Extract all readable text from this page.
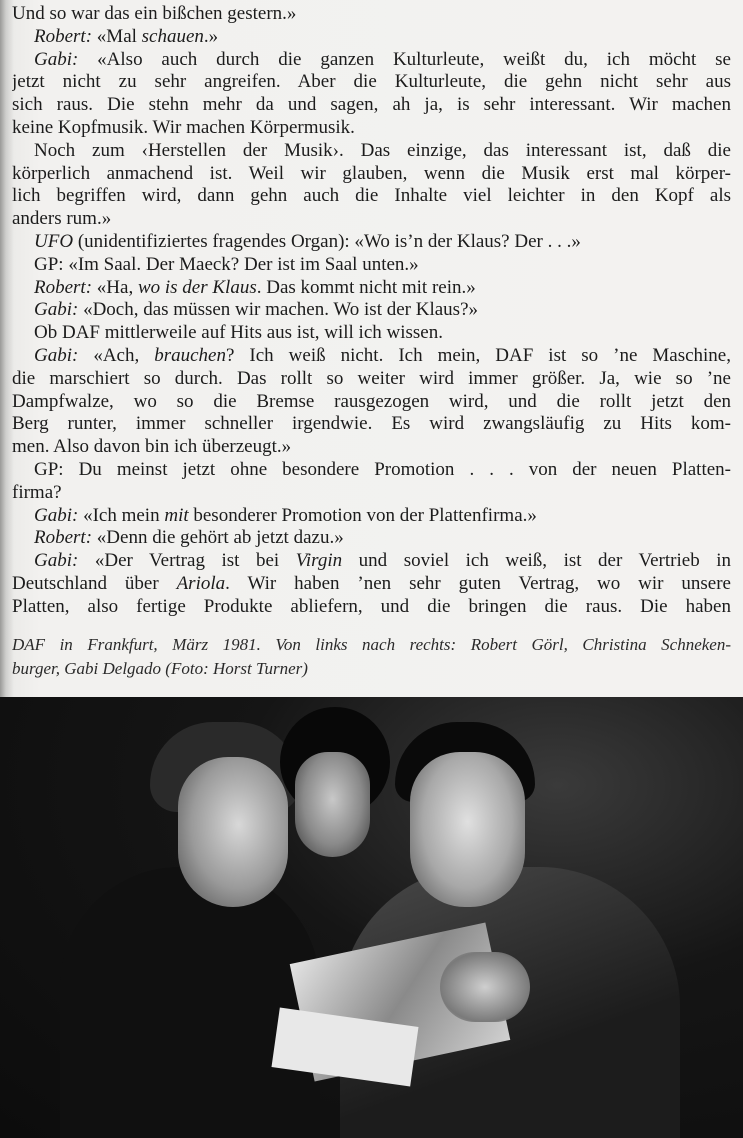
Und so war das ein bißchen gestern.»
Robert: «Mal schauen.»
Gabi: «Also auch durch die ganzen Kulturleute, weißt du, ich möcht se
jetzt nicht zu sehr angreifen. Aber die Kulturleute, die gehn nicht sehr aus
sich raus. Die stehn mehr da und sagen, ah ja, is sehr interessant. Wir machen
keine Kopfmusik. Wir machen Körpermusik.
Noch zum ‹Herstellen der Musik›. Das einzige, das interessant ist, daß die
körperlich anmachend ist. Weil wir glauben, wenn die Musik erst mal körper-
lich begriffen wird, dann gehn auch die Inhalte viel leichter in den Kopf als
anders rum.»
UFO (unidentifiziertes fragendes Organ): «Wo is’n der Klaus? Der . . .»
GP: «Im Saal. Der Maeck? Der ist im Saal unten.»
Robert: «Ha, wo is der Klaus. Das kommt nicht mit rein.»
Gabi: «Doch, das müssen wir machen. Wo ist der Klaus?»
Ob DAF mittlerweile auf Hits aus ist, will ich wissen.
Gabi: «Ach, brauchen? Ich weiß nicht. Ich mein, DAF ist so ’ne Maschine,
die marschiert so durch. Das rollt so weiter wird immer größer. Ja, wie so ’ne
Dampfwalze, wo so die Bremse rausgezogen wird, und die rollt jetzt den
Berg runter, immer schneller irgendwie. Es wird zwangsläufig zu Hits kom-
men. Also davon bin ich überzeugt.»
GP: Du meinst jetzt ohne besondere Promotion . . . von der neuen Platten-
firma?
Gabi: «Ich mein mit besonderer Promotion von der Plattenfirma.»
Robert: «Denn die gehört ab jetzt dazu.»
Gabi: «Der Vertrag ist bei Virgin und soviel ich weiß, ist der Vertrieb in
Deutschland über Ariola. Wir haben ’nen sehr guten Vertrag, wo wir unsere
Platten, also fertige Produkte abliefern, und die bringen die raus. Die haben
DAF in Frankfurt, März 1981. Von links nach rechts: Robert Görl, Christina Schneken-
burger, Gabi Delgado (Foto: Horst Turner)
